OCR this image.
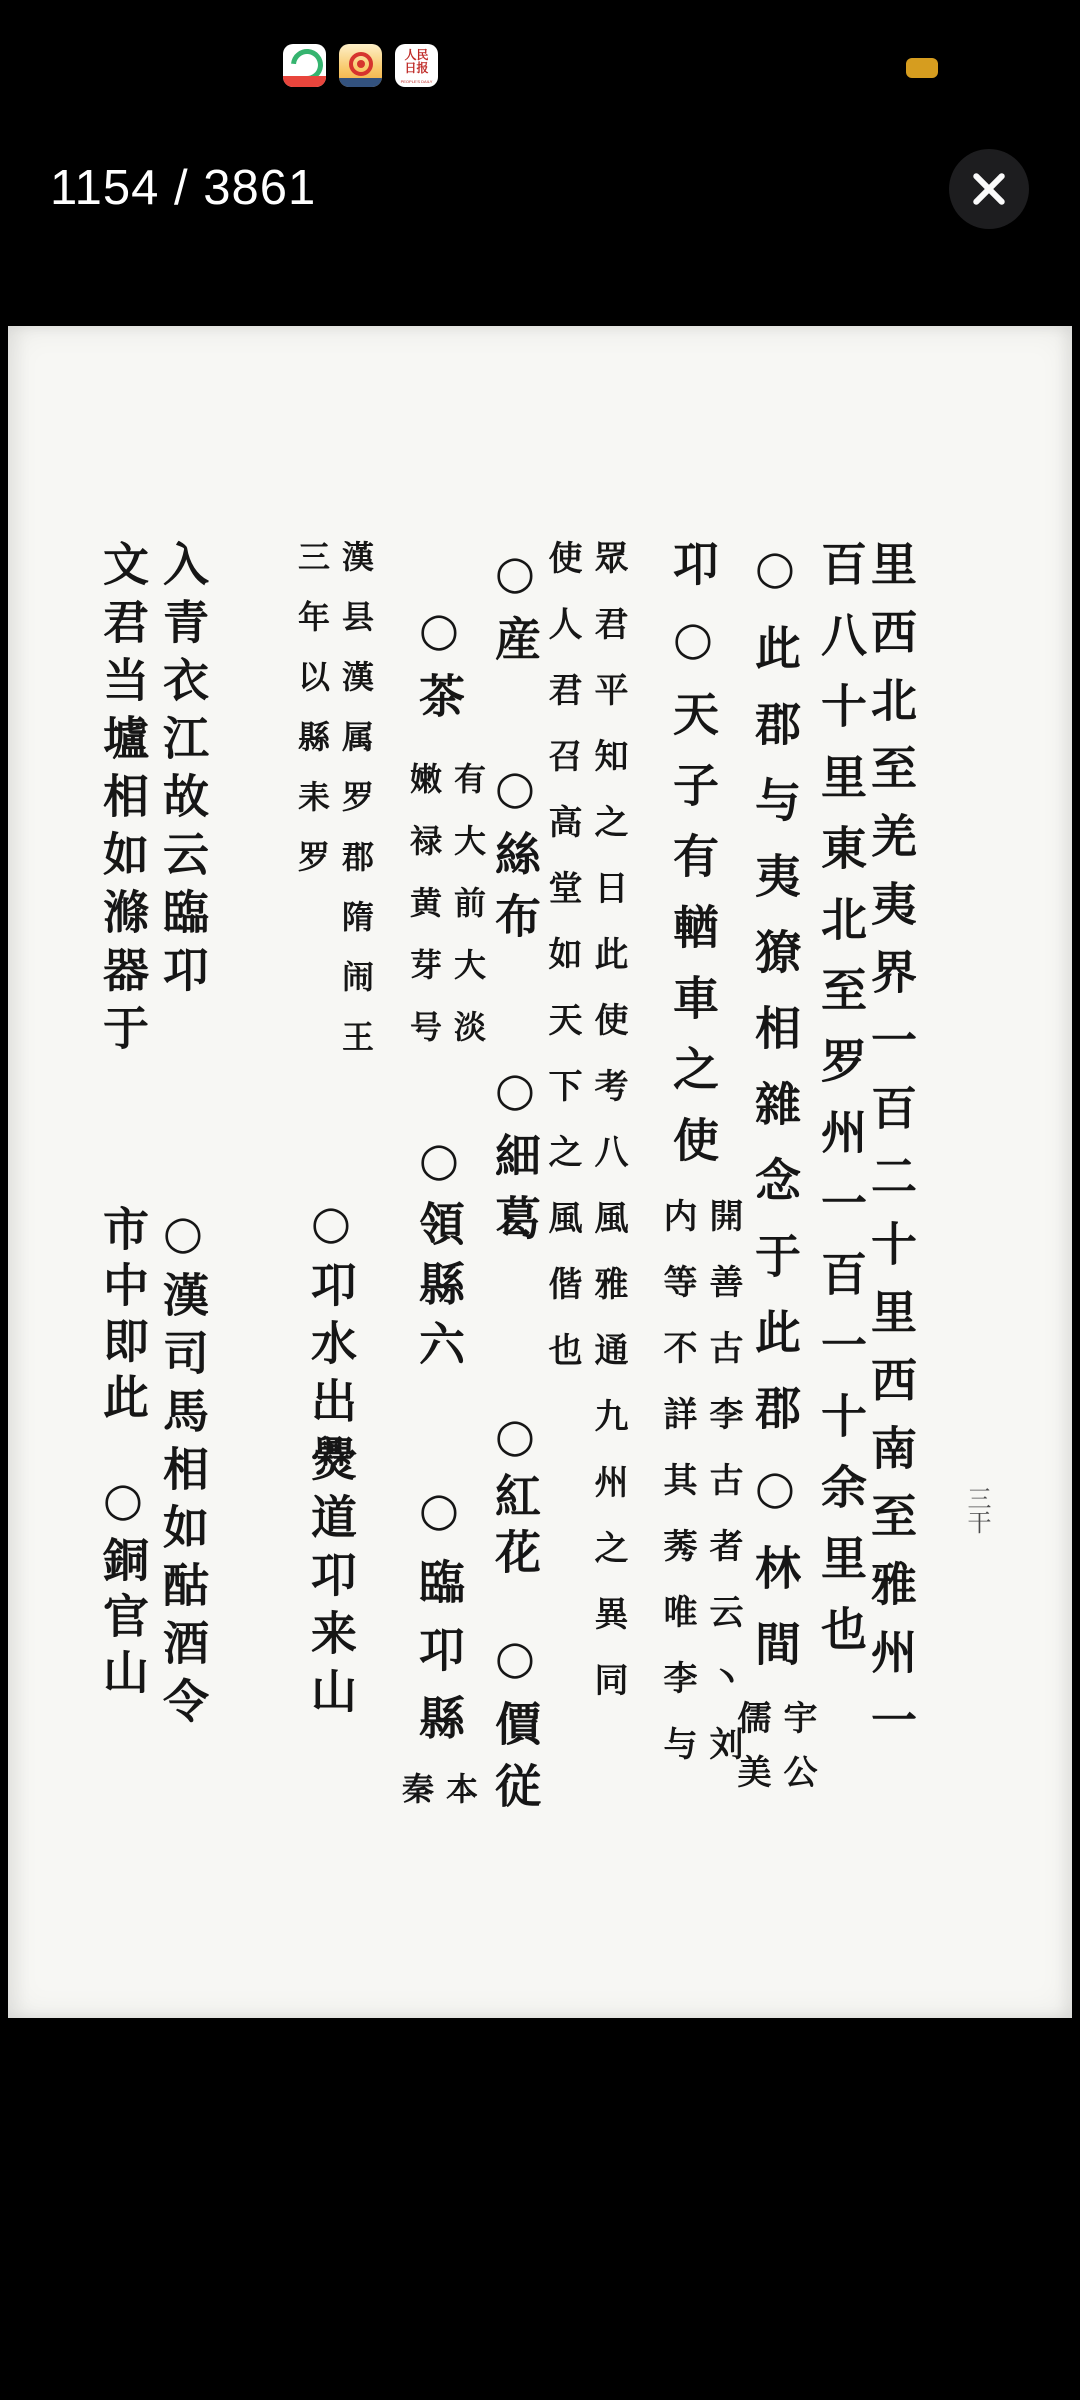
人民日报
PEOPLE'S DAILY
1154 / 3861
三干
里西北至羌夷界一百二十里西南至雅州一
百八十里東北至罗州一百一十余里也
○此郡与夷獠相雜念于此郡○林間
宇公
儒美
卭○天子有輶車之使
開善古李古者云丶刘
内等不詳其莠唯李与
眾君平知之日此使考八風雅通九州之異同
使人君召高堂如天下之風偕也
○産
○絲布
○細葛
○紅花
○價従
○茶
有大前大淡
嫩禄黄芽号
○領縣六
○臨卭縣
本
秦
漢县漢属罗郡隋闹王
三年以縣耒罗
○卭水出㸑道卭来山
入青衣江故云臨卭
○漢司馬相如酤酒令
文君当壚相如滌器于
市中即此
○銅官山
